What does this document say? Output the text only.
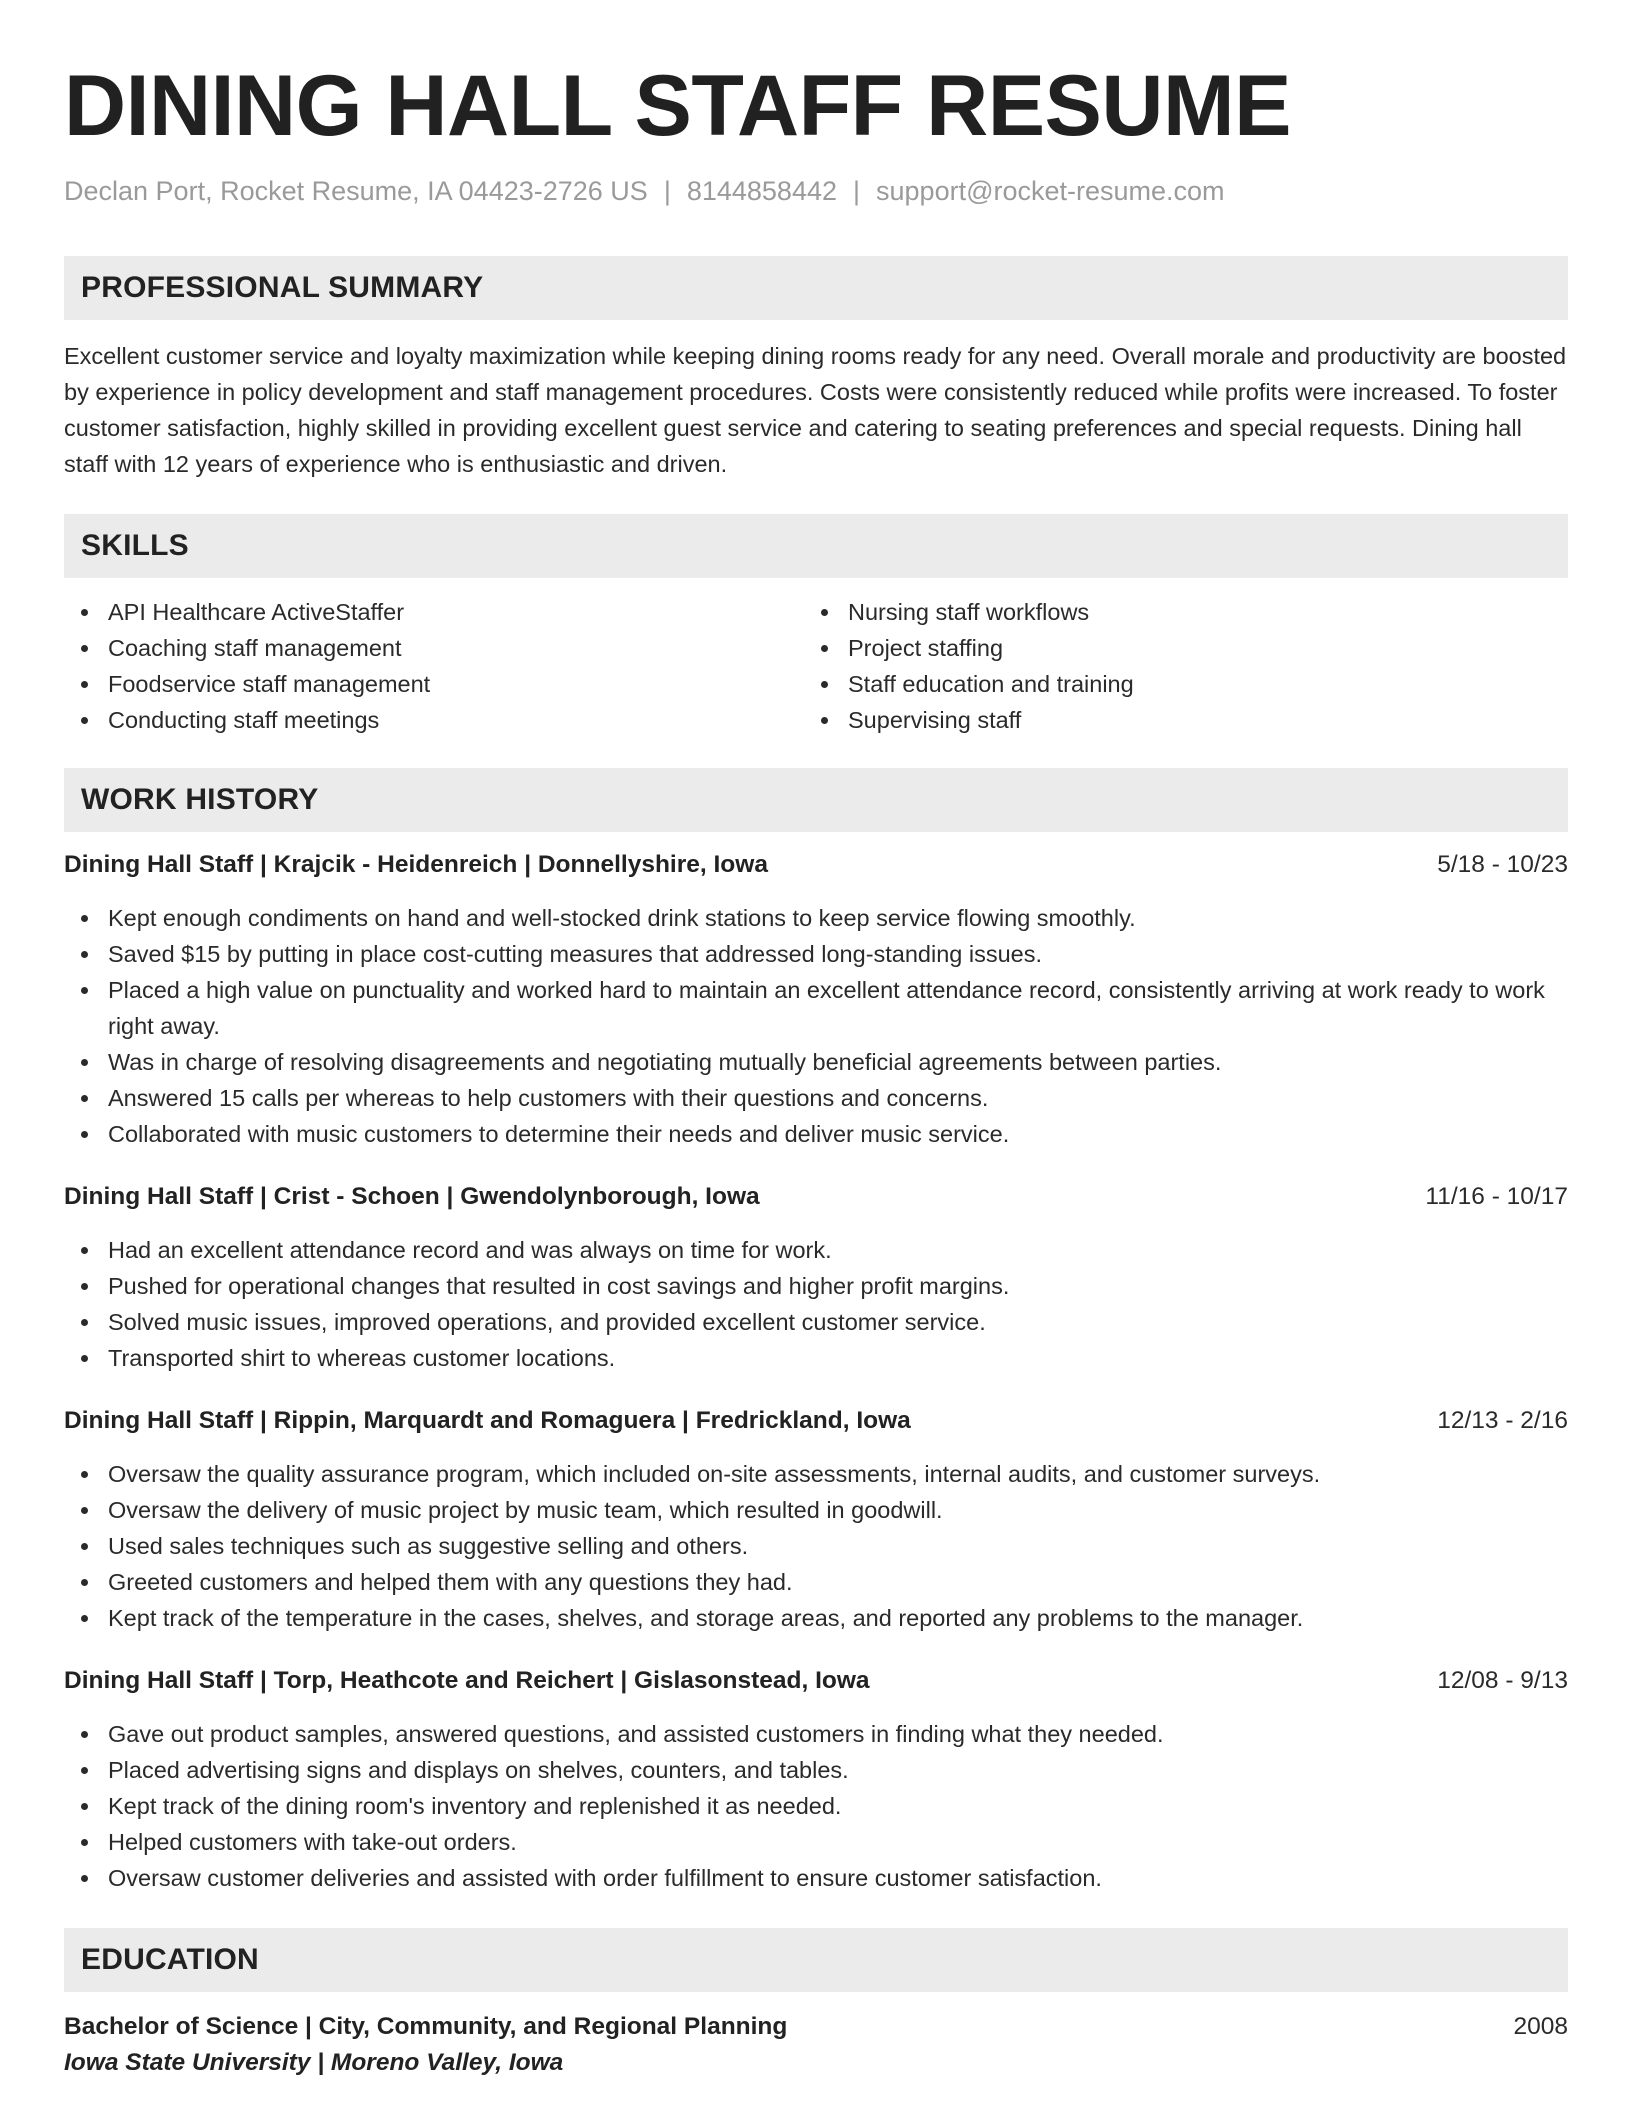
DINING HALL STAFF RESUME
Declan Port, Rocket Resume, IA 04423-2726 US | 8144858442 | support@rocket-resume.com
PROFESSIONAL SUMMARY
Excellent customer service and loyalty maximization while keeping dining rooms ready for any need. Overall morale and productivity are boosted by experience in policy development and staff management procedures. Costs were consistently reduced while profits were increased. To foster customer satisfaction, highly skilled in providing excellent guest service and catering to seating preferences and special requests. Dining hall staff with 12 years of experience who is enthusiastic and driven.
SKILLS
API Healthcare ActiveStaffer
Coaching staff management
Foodservice staff management
Conducting staff meetings
Nursing staff workflows
Project staffing
Staff education and training
Supervising staff
WORK HISTORY
Dining Hall Staff | Krajcik - Heidenreich | Donnellyshire, Iowa	5/18 - 10/23
Kept enough condiments on hand and well-stocked drink stations to keep service flowing smoothly.
Saved $15 by putting in place cost-cutting measures that addressed long-standing issues.
Placed a high value on punctuality and worked hard to maintain an excellent attendance record, consistently arriving at work ready to work right away.
Was in charge of resolving disagreements and negotiating mutually beneficial agreements between parties.
Answered 15 calls per whereas to help customers with their questions and concerns.
Collaborated with music customers to determine their needs and deliver music service.
Dining Hall Staff | Crist - Schoen | Gwendolynborough, Iowa	11/16 - 10/17
Had an excellent attendance record and was always on time for work.
Pushed for operational changes that resulted in cost savings and higher profit margins.
Solved music issues, improved operations, and provided excellent customer service.
Transported shirt to whereas customer locations.
Dining Hall Staff | Rippin, Marquardt and Romaguera | Fredrickland, Iowa	12/13 - 2/16
Oversaw the quality assurance program, which included on-site assessments, internal audits, and customer surveys.
Oversaw the delivery of music project by music team, which resulted in goodwill.
Used sales techniques such as suggestive selling and others.
Greeted customers and helped them with any questions they had.
Kept track of the temperature in the cases, shelves, and storage areas, and reported any problems to the manager.
Dining Hall Staff | Torp, Heathcote and Reichert | Gislasonstead, Iowa	12/08 - 9/13
Gave out product samples, answered questions, and assisted customers in finding what they needed.
Placed advertising signs and displays on shelves, counters, and tables.
Kept track of the dining room's inventory and replenished it as needed.
Helped customers with take-out orders.
Oversaw customer deliveries and assisted with order fulfillment to ensure customer satisfaction.
EDUCATION
Bachelor of Science | City, Community, and Regional Planning	2008
Iowa State University | Moreno Valley, Iowa
